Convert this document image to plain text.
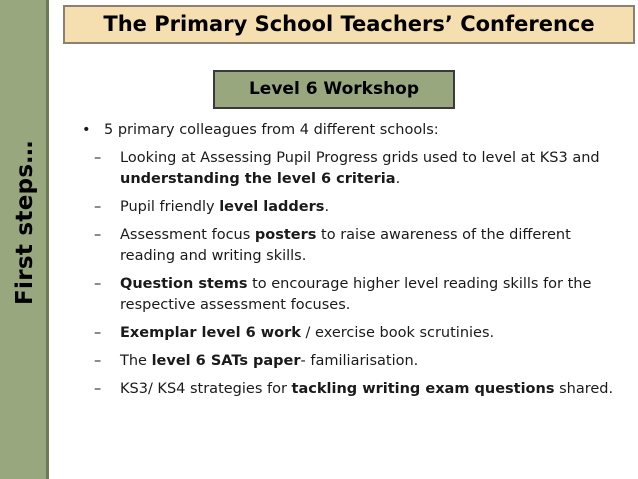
First steps…
The Primary School Teachers’ Conference
Level 6 Workshop
• 5 primary colleagues from 4 different schools:
– Looking at Assessing Pupil Progress grids used to level at KS3 and understanding the level 6 criteria.
– Pupil friendly level ladders.
– Assessment focus posters to raise awareness of the different reading and writing skills.
– Question stems to encourage higher level reading skills for the respective assessment focuses.
– Exemplar level 6 work / exercise book scrutinies.
– The level 6 SATs paper- familiarisation.
– KS3/ KS4 strategies for tackling writing exam questions shared.
